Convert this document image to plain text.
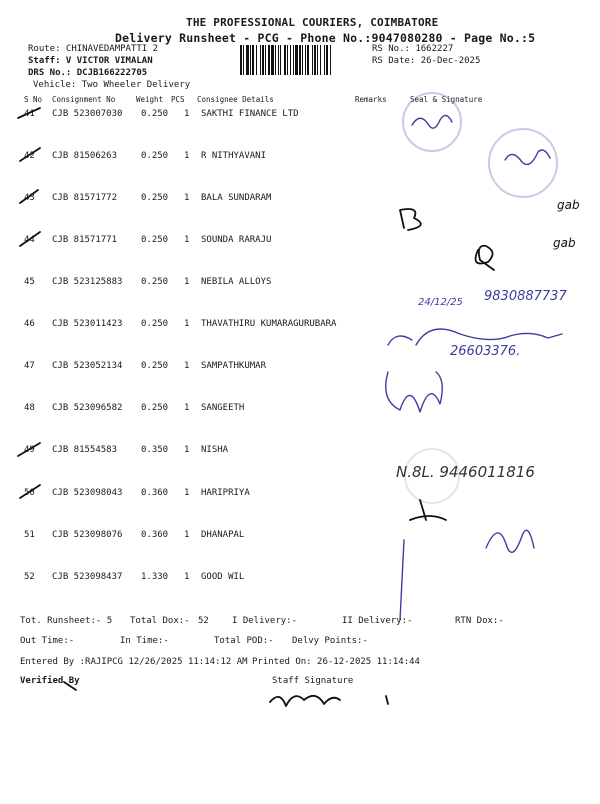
THE PROFESSIONAL COURIERS, COIMBATORE
Delivery Runsheet - PCG - Phone No.:9047080280 - Page No.:5
Route: CHINAVEDAMPATTI 2
Staff: V VICTOR VIMALAN
DRS No.: DCJB166222705
Vehicle: Two Wheeler Delivery
RS No.: 1662227
RS Date: 26-Dec-2025
S No Consignment No	Weight PCS Consignee Details	Remarks	Seal & Signature
41 CJB 523007030 0.250 1 SAKTHI FINANCE LTD
42 CJB 81506263	0.250 1 R NITHYAVANI
43 CJB 81571772	0.250 1 BALA SUNDARAM
44 CJB 81571771	0.250 1 SOUNDA RARAJU
45 CJB 523125883 0.250 1 NEBILA ALLOYS
46 CJB 523011423 0.250 1 THAVATHIRU KUMARAGURUBARA
47 CJB 523052134 0.250 1 SAMPATHKUMAR
48 CJB 523096582 0.250 1 SANGEETH
49 CJB 81554583	0.350 1 NISHA
50 CJB 523098043 0.360 1 HARIPRIYA
51 CJB 523098076 0.360 1 DHANAPAL
52 CJB 523098437 1.330 1 GOOD WIL
gab
gab
24/12/25 9830887737
26603376.
N.8L. 9446011816
Tot. Runsheet:- 5 Total Dox:- 52	I Delivery:-	II Delivery:-	RTN Dox:-
Out Time:-	In Time:-	Total POD:- Delvy Points:-
Entered By :RAJIPCG 12/26/2025 11:14:12 AM Printed On: 26-12-2025 11:14:44
Verified By	Staff Signature
